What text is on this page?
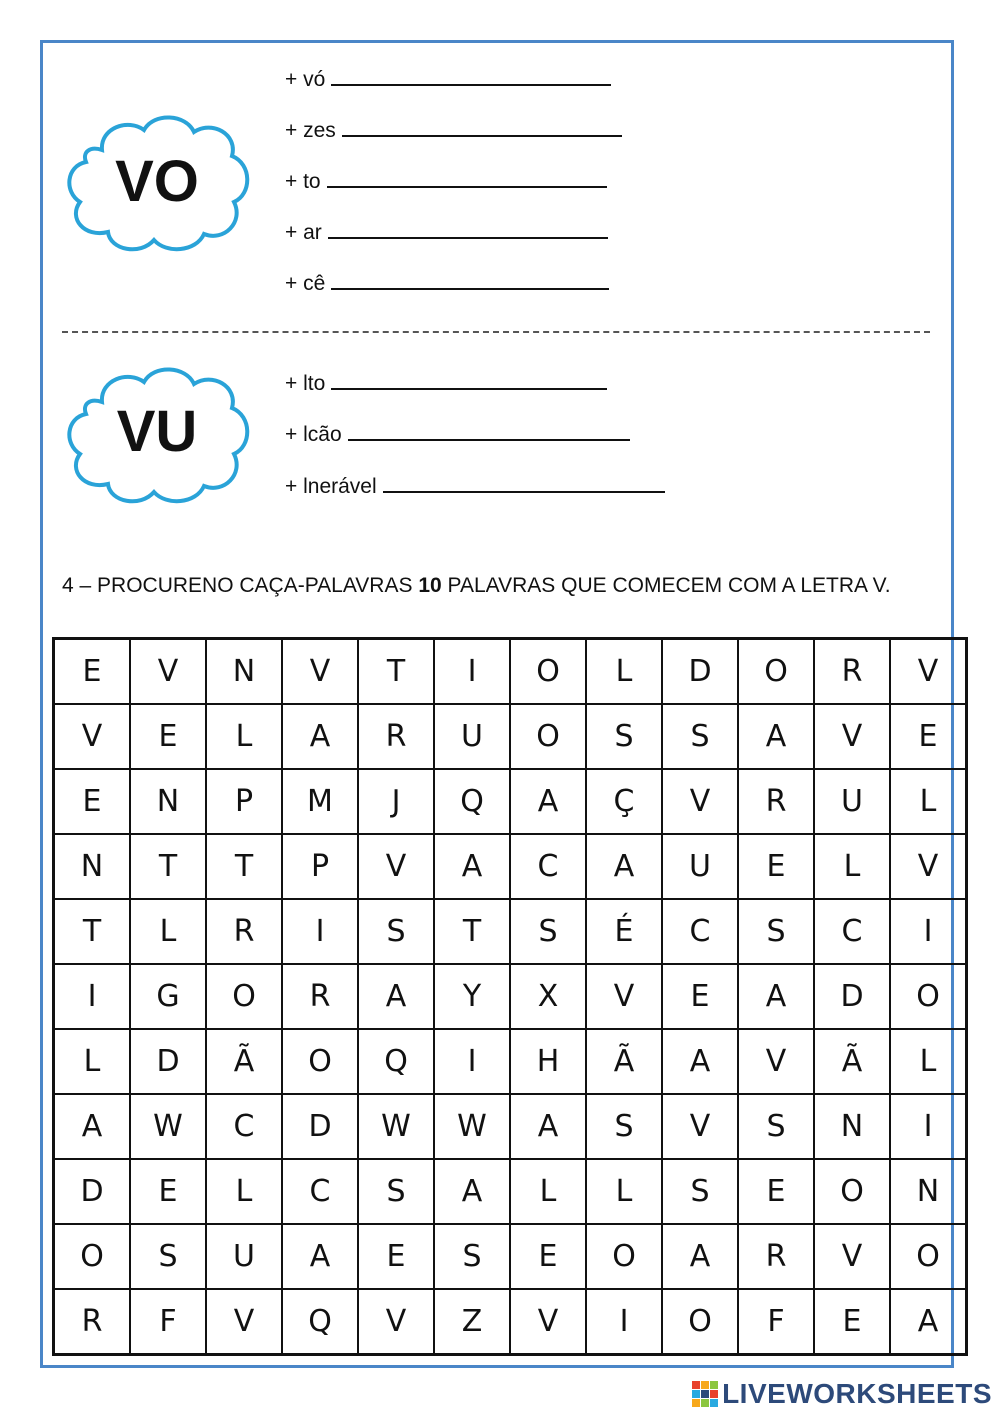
VO
+ vó
+ zes
+ to
+ ar
+ cê
VU
+ lto
+ lcão
+ lnerável
4 – PROCURENO CAÇA-PALAVRAS 10 PALAVRAS QUE COMECEM COM A LETRA V.
E	V	N	V	T	I	O	L	D	O	R	V
V	E	L	A	R	U	O	S	S	A	V	E
E	N	P	M	J	Q	A	Ç	V	R	U	L
N	T	T	P	V	A	C	A	U	E	L	V
T	L	R	I	S	T	S	É	C	S	C	I
I	G	O	R	A	Y	X	V	E	A	D	O
L	D	Ã	O	Q	I	H	Ã	A	V	Ã	L
A	W	C	D	W	W	A	S	V	S	N	I
D	E	L	C	S	A	L	L	S	E	O	N
O	S	U	A	E	S	E	O	A	R	V	O
R	F	V	Q	V	Z	V	I	O	F	E	A
LIVEWORKSHEETS
